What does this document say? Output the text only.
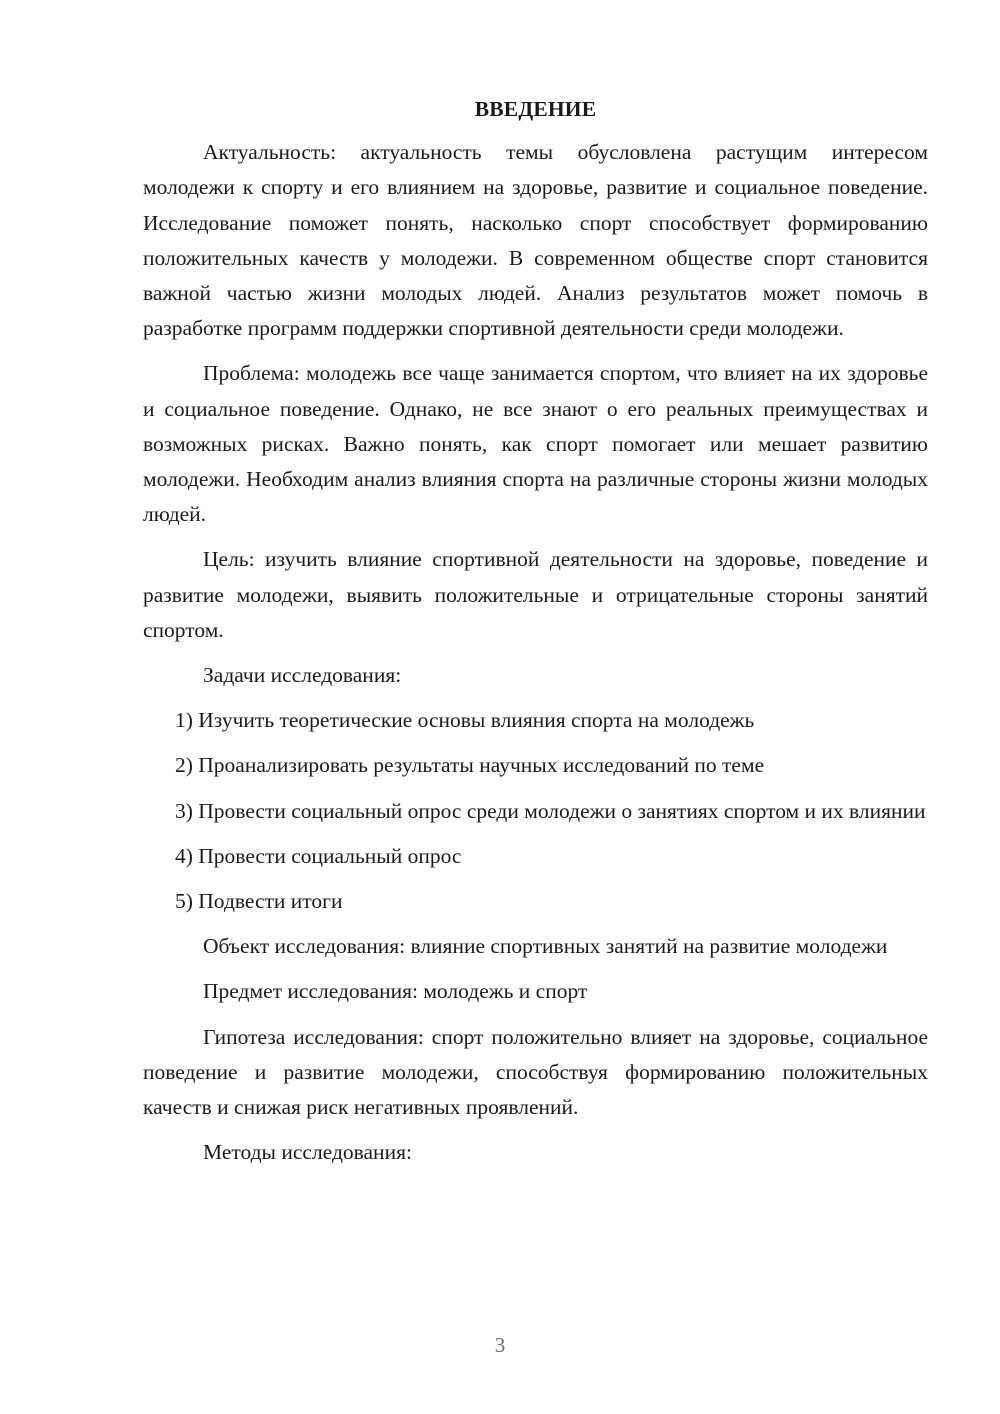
ВВЕДЕНИЕ

Актуальность: актуальность темы обусловлена растущим интересом молодежи к спорту и его влиянием на здоровье, развитие и социальное поведение. Исследование поможет понять, насколько спорт способствует формированию положительных качеств у молодежи. В современном обществе спорт становится важной частью жизни молодых людей. Анализ результатов может помочь в разработке программ поддержки спортивной деятельности среди молодежи.

Проблема: молодежь все чаще занимается спортом, что влияет на их здоровье и социальное поведение. Однако, не все знают о его реальных преимуществах и возможных рисках. Важно понять, как спорт помогает или мешает развитию молодежи. Необходим анализ влияния спорта на различные стороны жизни молодых людей.

Цель: изучить влияние спортивной деятельности на здоровье, поведение и развитие молодежи, выявить положительные и отрицательные стороны занятий спортом.

Задачи исследования:

1) Изучить теоретические основы влияния спорта на молодежь

2) Проанализировать результаты научных исследований по теме

3) Провести социальный опрос среди молодежи о занятиях спортом и их влиянии

4) Провести социальный опрос

5) Подвести итоги

Объект исследования: влияние спортивных занятий на развитие молодежи

Предмет исследования: молодежь и спорт

Гипотеза исследования: спорт положительно влияет на здоровье, социальное поведение и развитие молодежи, способствуя формированию положительных качеств и снижая риск негативных проявлений.

Методы исследования:

3
